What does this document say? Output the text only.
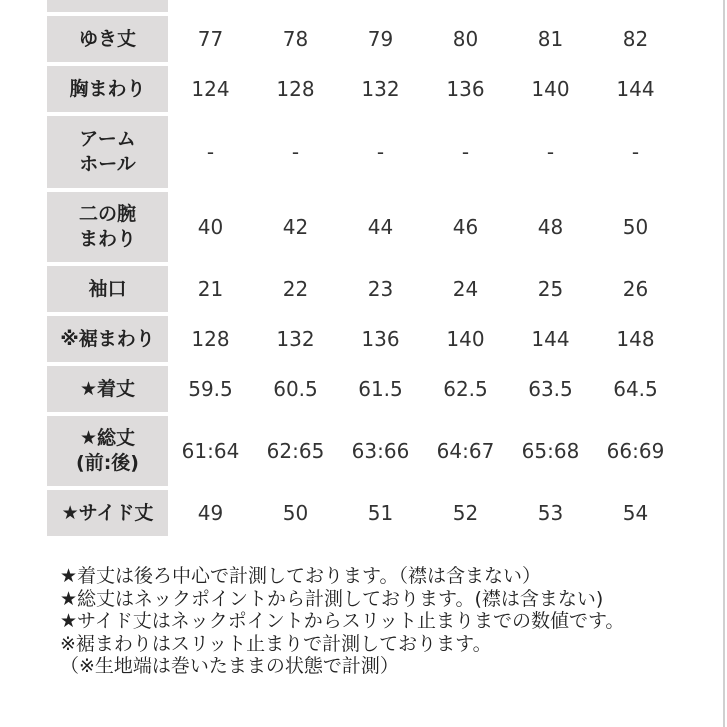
ゆき丈	77	78	79	80	81	82
胸まわり	124	128	132	136	140	144
アーム
ホール	-	-	-	-	-	-
二の腕
まわり	40	42	44	46	48	50
袖口	21	22	23	24	25	26
※裾まわり	128	132	136	140	144	148
★着丈	59.5	60.5	61.5	62.5	63.5	64.5
★総丈
(前:後)	61:64	62:65	63:66	64:67	65:68	66:69
★サイド丈	49	50	51	52	53	54
★着丈は後ろ中心で計測しております。（襟は含まない）
★総丈はネックポイントから計測しております。(襟は含まない)
★サイド丈はネックポイントからスリット止まりまでの数値です。
※裾まわりはスリット止まりで計測しております。
（※生地端は巻いたままの状態で計測）
